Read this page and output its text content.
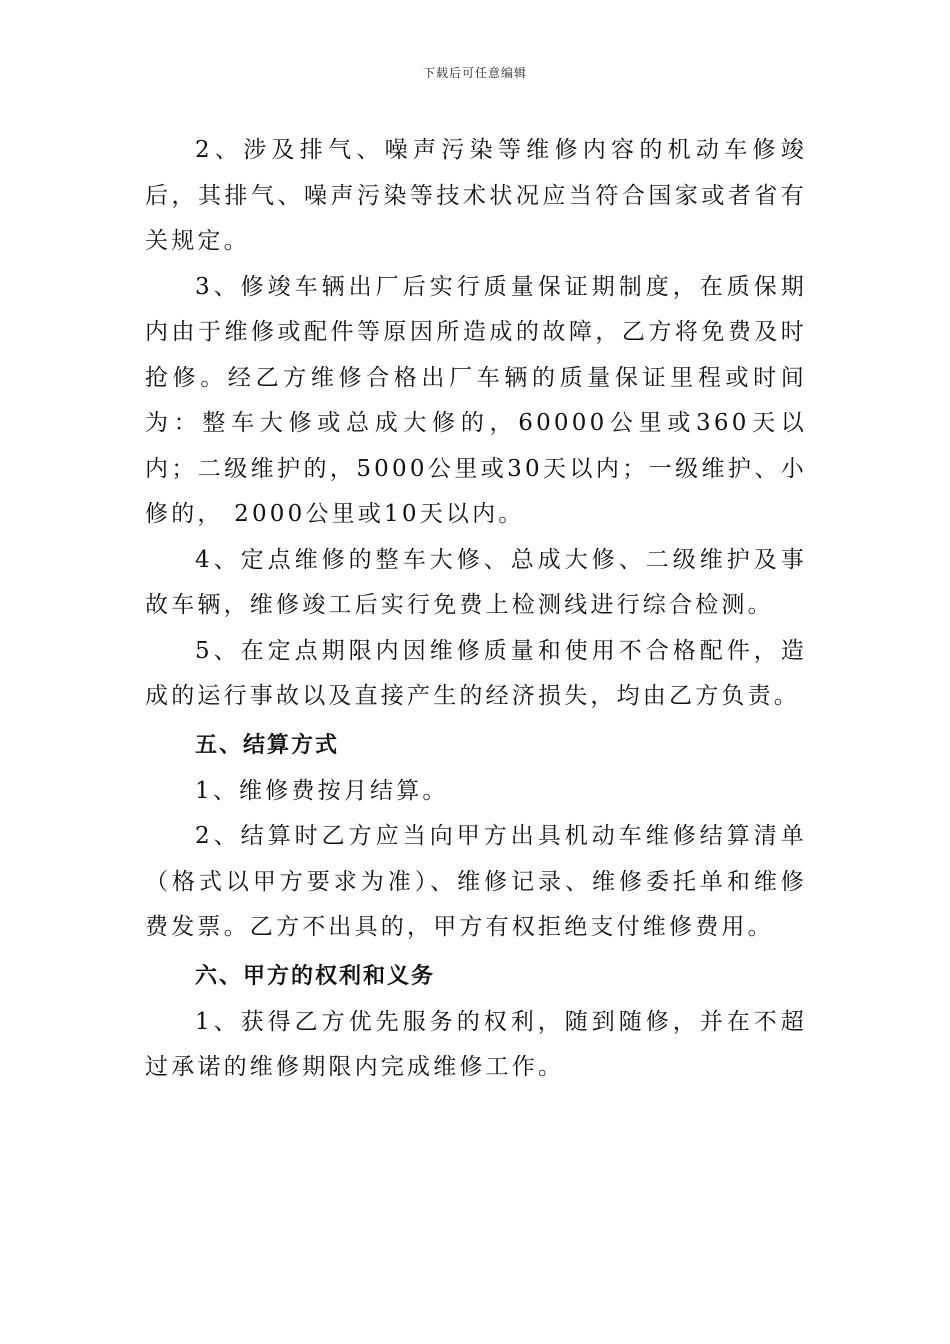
下载后可任意编辑

2、涉及排气、噪声污染等维修内容的机动车修竣后，其排气、噪声污染等技术状况应当符合国家或者省有关规定。

3、修竣车辆出厂后实行质量保证期制度，在质保期内由于维修或配件等原因所造成的故障，乙方将免费及时抢修。经乙方维修合格出厂车辆的质量保证里程或时间为：整车大修或总成大修的，60000公里或360天以内；二级维护的，5000公里或30天以内；一级维护、小修的， 2000公里或10天以内。

4、定点维修的整车大修、总成大修、二级维护及事故车辆，维修竣工后实行免费上检测线进行综合检测。

5、在定点期限内因维修质量和使用不合格配件，造成的运行事故以及直接产生的经济损失，均由乙方负责。

五、结算方式

1、维修费按月结算。

2、结算时乙方应当向甲方出具机动车维修结算清单（格式以甲方要求为准）、维修记录、维修委托单和维修费发票。乙方不出具的，甲方有权拒绝支付维修费用。

六、甲方的权利和义务

1、获得乙方优先服务的权利，随到随修，并在不超过承诺的维修期限内完成维修工作。
